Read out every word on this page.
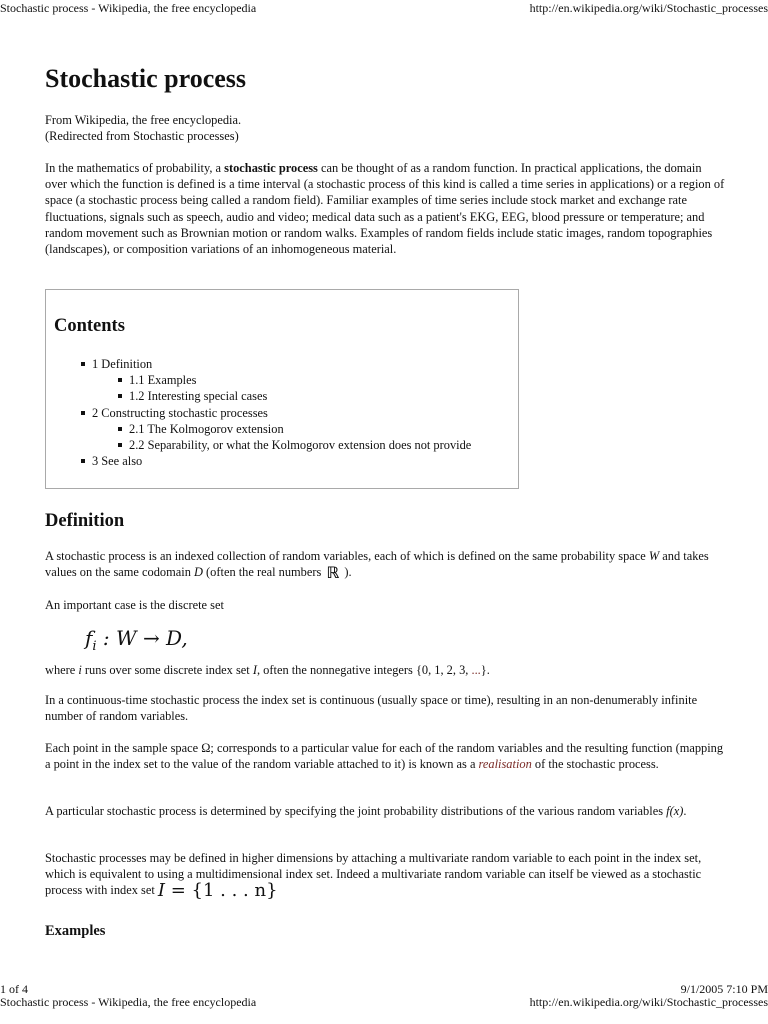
Stochastic process - Wikipedia, the free encyclopedia	http://en.wikipedia.org/wiki/Stochastic_processes
Stochastic process
From Wikipedia, the free encyclopedia.
(Redirected from Stochastic processes)

In the mathematics of probability, a stochastic process can be thought of as a random function. In practical applications, the domain over which the function is defined is a time interval (a stochastic process of this kind is called a time series in applications) or a region of space (a stochastic process being called a random field). Familiar examples of time series include stock market and exchange rate fluctuations, signals such as speech, audio and video; medical data such as a patient's EKG, EEG, blood pressure or temperature; and random movement such as Brownian motion or random walks. Examples of random fields include static images, random topographies (landscapes), or composition variations of an inhomogeneous material.

Contents
1 Definition
1.1 Examples
1.2 Interesting special cases
2 Constructing stochastic processes
2.1 The Kolmogorov extension
2.2 Separability, or what the Kolmogorov extension does not provide
3 See also
Definition

A stochastic process is an indexed collection of random variables, each of which is defined on the same probability space W and takes values on the same codomain D (often the real numbers ℝ ).

An important case is the discrete set

$f_i$ : W → D,

where i runs over some discrete index set I, often the nonnegative integers {0, 1, 2, 3, ...}.

In a continuous-time stochastic process the index set is continuous (usually space or time), resulting in an non-denumerably infinite number of random variables.

Each point in the sample space Ω; corresponds to a particular value for each of the random variables and the resulting function (mapping a point in the index set to the value of the random variable attached to it) is known as a realisation of the stochastic process.

A particular stochastic process is determined by specifying the joint probability distributions of the various random variables f(x).

Stochastic processes may be defined in higher dimensions by attaching a multivariate random variable to each point in the index set, which is equivalent to using a multidimensional index set. Indeed a multivariate random variable can itself be viewed as a stochastic process with index set I = {1 . . . n}

Examples
1 of 4	9/1/2005 7:10 PM
Stochastic process - Wikipedia, the free encyclopedia	http://en.wikipedia.org/wiki/Stochastic_processes
